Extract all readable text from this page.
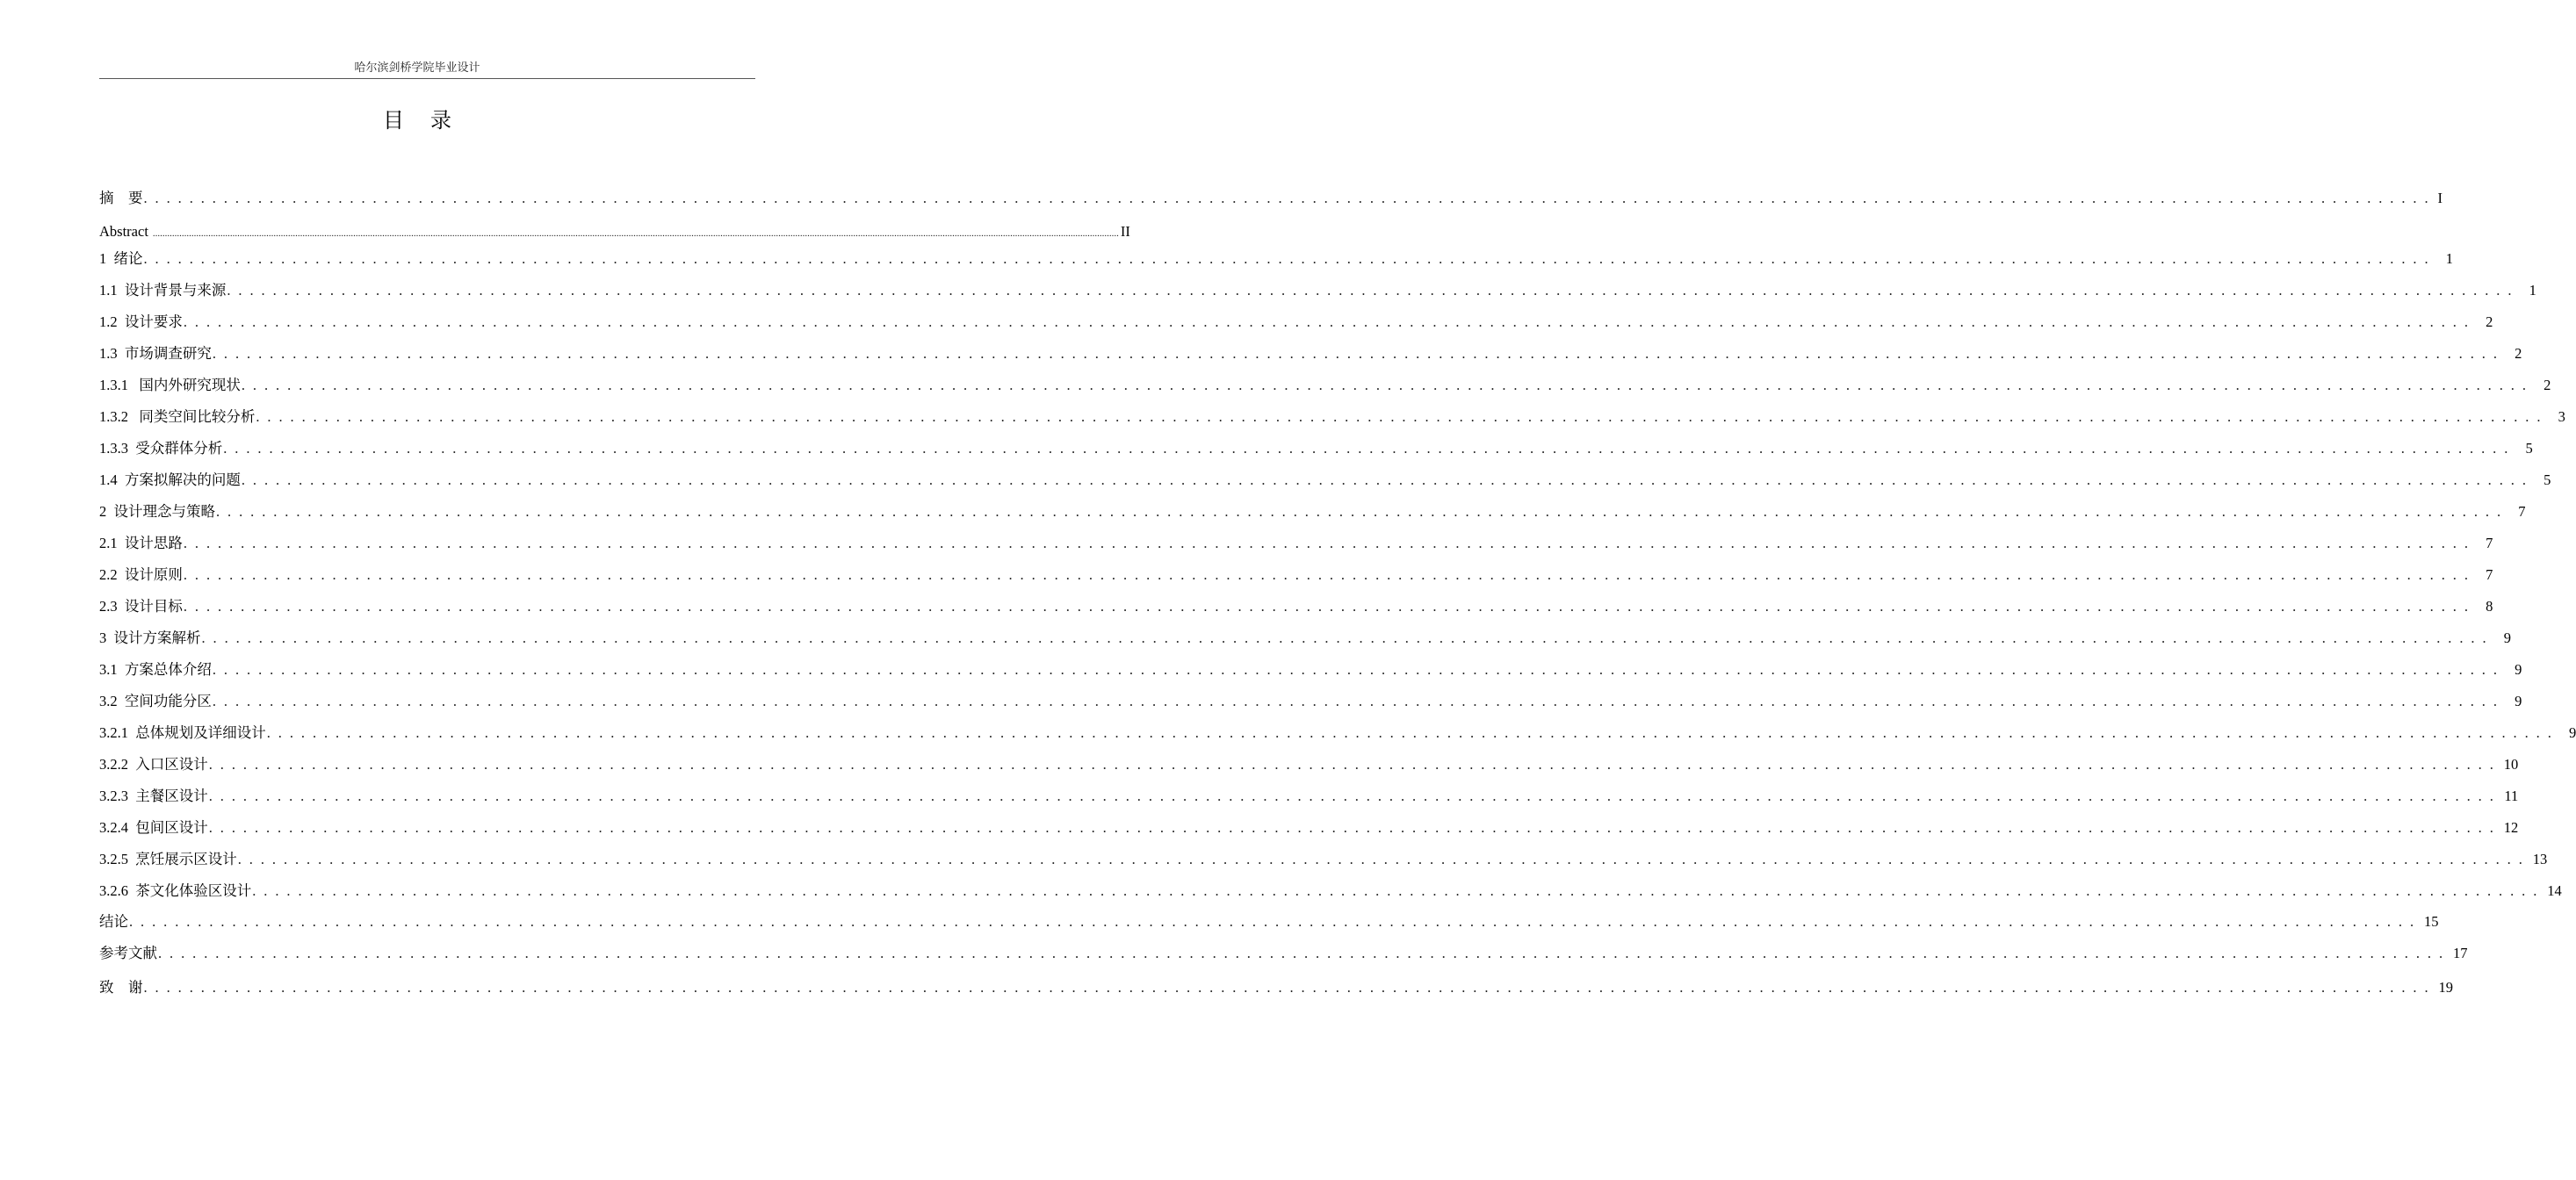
哈尔滨剑桥学院毕业设计
目录
摘    要 . . . . . . . . . . . . . . . . . . . . . . . . . . . . . . . . . . . . . . . . . . . . . . . . . . . . . . . . . . . . . . . . . . . . . . . . . . . . . . . . . . . . . . . . . . . . . . . . . . . . . . . . . . . . . . . . . . . . . . . . . . . . . . . . . . . . . . . . . . . . . . . . . . . . . . . . . . . . . . . . . . . . . . . . . . . . . . . . . . . . . . . . . . . . . . . . . . . . . . . . I
Abstract ................................................................................................................................................................................................................................................................................................................................................................................................................ II
1  绪论 . . . . . . . . . . . . . . . . . . . . . . . . . . . . . . . . . . . . . . . . . . . . . . . . . . . . . . . . . . . . . . . . . . . . . . . . . . . . . . . . . . . . . . . . . . . . . . . . . . . . . . . . . . . . . . . . . . . . . . . . . . . . . . . . . . . . . . . . . . . . . . . . . . . . . . . . . . . . . . . . . . . . . . . . . . . . . . . . . . . . . . . . . . . . . . . . . . . . . . . .	1
1.1  设计背景与来源 . . . . . . . . . . . . . . . . . . . . . . . . . . . . . . . . . . . . . . . . . . . . . . . . . . . . . . . . . . . . . . . . . . . . . . . . . . . . . . . . . . . . . . . . . . . . . . . . . . . . . . . . . . . . . . . . . . . . . . . . . . . . . . . . . . . . . . . . . . . . . . . . . . . . . . . . . . . . . . . . . . . . . . . . . . . . . . . . . . . . . . . . . . . . . . . . . . . . . . . .	1
1.2  设计要求 . . . . . . . . . . . . . . . . . . . . . . . . . . . . . . . . . . . . . . . . . . . . . . . . . . . . . . . . . . . . . . . . . . . . . . . . . . . . . . . . . . . . . . . . . . . . . . . . . . . . . . . . . . . . . . . . . . . . . . . . . . . . . . . . . . . . . . . . . . . . . . . . . . . . . . . . . . . . . . . . . . . . . . . . . . . . . . . . . . . . . . . . . . . . . . . . . . . . . . . .	2
1.3  市场调查研究 . . . . . . . . . . . . . . . . . . . . . . . . . . . . . . . . . . . . . . . . . . . . . . . . . . . . . . . . . . . . . . . . . . . . . . . . . . . . . . . . . . . . . . . . . . . . . . . . . . . . . . . . . . . . . . . . . . . . . . . . . . . . . . . . . . . . . . . . . . . . . . . . . . . . . . . . . . . . . . . . . . . . . . . . . . . . . . . . . . . . . . . . . . . . . . . . . . . . . . . .	2
1.3.1   国内外研究现状 . . . . . . . . . . . . . . . . . . . . . . . . . . . . . . . . . . . . . . . . . . . . . . . . . . . . . . . . . . . . . . . . . . . . . . . . . . . . . . . . . . . . . . . . . . . . . . . . . . . . . . . . . . . . . . . . . . . . . . . . . . . . . . . . . . . . . . . . . . . . . . . . . . . . . . . . . . . . . . . . . . . . . . . . . . . . . . . . . . . . . . . . . . . . . . . . . . . . . . . .	2
1.3.2   同类空间比较分析 . . . . . . . . . . . . . . . . . . . . . . . . . . . . . . . . . . . . . . . . . . . . . . . . . . . . . . . . . . . . . . . . . . . . . . . . . . . . . . . . . . . . . . . . . . . . . . . . . . . . . . . . . . . . . . . . . . . . . . . . . . . . . . . . . . . . . . . . . . . . . . . . . . . . . . . . . . . . . . . . . . . . . . . . . . . . . . . . . . . . . . . . . . . . . . . . . . . . . . . .	3
1.3.3  受众群体分析 . . . . . . . . . . . . . . . . . . . . . . . . . . . . . . . . . . . . . . . . . . . . . . . . . . . . . . . . . . . . . . . . . . . . . . . . . . . . . . . . . . . . . . . . . . . . . . . . . . . . . . . . . . . . . . . . . . . . . . . . . . . . . . . . . . . . . . . . . . . . . . . . . . . . . . . . . . . . . . . . . . . . . . . . . . . . . . . . . . . . . . . . . . . . . . . . . . . . . . . .	5
1.4  方案拟解决的问题 . . . . . . . . . . . . . . . . . . . . . . . . . . . . . . . . . . . . . . . . . . . . . . . . . . . . . . . . . . . . . . . . . . . . . . . . . . . . . . . . . . . . . . . . . . . . . . . . . . . . . . . . . . . . . . . . . . . . . . . . . . . . . . . . . . . . . . . . . . . . . . . . . . . . . . . . . . . . . . . . . . . . . . . . . . . . . . . . . . . . . . . . . . . . . . . . . . . . . . . .	5
2  设计理念与策略 . . . . . . . . . . . . . . . . . . . . . . . . . . . . . . . . . . . . . . . . . . . . . . . . . . . . . . . . . . . . . . . . . . . . . . . . . . . . . . . . . . . . . . . . . . . . . . . . . . . . . . . . . . . . . . . . . . . . . . . . . . . . . . . . . . . . . . . . . . . . . . . . . . . . . . . . . . . . . . . . . . . . . . . . . . . . . . . . . . . . . . . . . . . . . . . . . . . . . . . .	7
2.1  设计思路 . . . . . . . . . . . . . . . . . . . . . . . . . . . . . . . . . . . . . . . . . . . . . . . . . . . . . . . . . . . . . . . . . . . . . . . . . . . . . . . . . . . . . . . . . . . . . . . . . . . . . . . . . . . . . . . . . . . . . . . . . . . . . . . . . . . . . . . . . . . . . . . . . . . . . . . . . . . . . . . . . . . . . . . . . . . . . . . . . . . . . . . . . . . . . . . . . . . . . . . .	7
2.2  设计原则 . . . . . . . . . . . . . . . . . . . . . . . . . . . . . . . . . . . . . . . . . . . . . . . . . . . . . . . . . . . . . . . . . . . . . . . . . . . . . . . . . . . . . . . . . . . . . . . . . . . . . . . . . . . . . . . . . . . . . . . . . . . . . . . . . . . . . . . . . . . . . . . . . . . . . . . . . . . . . . . . . . . . . . . . . . . . . . . . . . . . . . . . . . . . . . . . . . . . . . . .	7
2.3  设计目标 . . . . . . . . . . . . . . . . . . . . . . . . . . . . . . . . . . . . . . . . . . . . . . . . . . . . . . . . . . . . . . . . . . . . . . . . . . . . . . . . . . . . . . . . . . . . . . . . . . . . . . . . . . . . . . . . . . . . . . . . . . . . . . . . . . . . . . . . . . . . . . . . . . . . . . . . . . . . . . . . . . . . . . . . . . . . . . . . . . . . . . . . . . . . . . . . . . . . . . . .	8
3  设计方案解析 . . . . . . . . . . . . . . . . . . . . . . . . . . . . . . . . . . . . . . . . . . . . . . . . . . . . . . . . . . . . . . . . . . . . . . . . . . . . . . . . . . . . . . . . . . . . . . . . . . . . . . . . . . . . . . . . . . . . . . . . . . . . . . . . . . . . . . . . . . . . . . . . . . . . . . . . . . . . . . . . . . . . . . . . . . . . . . . . . . . . . . . . . . . . . . . . . . . . . . . .	9
3.1  方案总体介绍 . . . . . . . . . . . . . . . . . . . . . . . . . . . . . . . . . . . . . . . . . . . . . . . . . . . . . . . . . . . . . . . . . . . . . . . . . . . . . . . . . . . . . . . . . . . . . . . . . . . . . . . . . . . . . . . . . . . . . . . . . . . . . . . . . . . . . . . . . . . . . . . . . . . . . . . . . . . . . . . . . . . . . . . . . . . . . . . . . . . . . . . . . . . . . . . . . . . . . . . .	9
3.2  空间功能分区 . . . . . . . . . . . . . . . . . . . . . . . . . . . . . . . . . . . . . . . . . . . . . . . . . . . . . . . . . . . . . . . . . . . . . . . . . . . . . . . . . . . . . . . . . . . . . . . . . . . . . . . . . . . . . . . . . . . . . . . . . . . . . . . . . . . . . . . . . . . . . . . . . . . . . . . . . . . . . . . . . . . . . . . . . . . . . . . . . . . . . . . . . . . . . . . . . . . . . . . .	9
3.2.1  总体规划及详细设计 . . . . . . . . . . . . . . . . . . . . . . . . . . . . . . . . . . . . . . . . . . . . . . . . . . . . . . . . . . . . . . . . . . . . . . . . . . . . . . . . . . . . . . . . . . . . . . . . . . . . . . . . . . . . . . . . . . . . . . . . . . . . . . . . . . . . . . . . . . . . . . . . . . . . . . . . . . . . . . . . . . . . . . . . . . . . . . . . . . . . . . . . . . . . . . . . . . . . . . . .	9
3.2.2  入口区设计 . . . . . . . . . . . . . . . . . . . . . . . . . . . . . . . . . . . . . . . . . . . . . . . . . . . . . . . . . . . . . . . . . . . . . . . . . . . . . . . . . . . . . . . . . . . . . . . . . . . . . . . . . . . . . . . . . . . . . . . . . . . . . . . . . . . . . . . . . . . . . . . . . . . . . . . . . . . . . . . . . . . . . . . . . . . . . . . . . . . . . . . . . . . . . . . . . . . . . . . . 10
3.2.3  主餐区设计 . . . . . . . . . . . . . . . . . . . . . . . . . . . . . . . . . . . . . . . . . . . . . . . . . . . . . . . . . . . . . . . . . . . . . . . . . . . . . . . . . . . . . . . . . . . . . . . . . . . . . . . . . . . . . . . . . . . . . . . . . . . . . . . . . . . . . . . . . . . . . . . . . . . . . . . . . . . . . . . . . . . . . . . . . . . . . . . . . . . . . . . . . . . . . . . . . . . . . . . . 11
3.2.4  包间区设计 . . . . . . . . . . . . . . . . . . . . . . . . . . . . . . . . . . . . . . . . . . . . . . . . . . . . . . . . . . . . . . . . . . . . . . . . . . . . . . . . . . . . . . . . . . . . . . . . . . . . . . . . . . . . . . . . . . . . . . . . . . . . . . . . . . . . . . . . . . . . . . . . . . . . . . . . . . . . . . . . . . . . . . . . . . . . . . . . . . . . . . . . . . . . . . . . . . . . . . . . 12
3.2.5  烹饪展示区设计 . . . . . . . . . . . . . . . . . . . . . . . . . . . . . . . . . . . . . . . . . . . . . . . . . . . . . . . . . . . . . . . . . . . . . . . . . . . . . . . . . . . . . . . . . . . . . . . . . . . . . . . . . . . . . . . . . . . . . . . . . . . . . . . . . . . . . . . . . . . . . . . . . . . . . . . . . . . . . . . . . . . . . . . . . . . . . . . . . . . . . . . . . . . . . . . . . . . . . . . . 13
3.2.6  茶文化体验区设计 . . . . . . . . . . . . . . . . . . . . . . . . . . . . . . . . . . . . . . . . . . . . . . . . . . . . . . . . . . . . . . . . . . . . . . . . . . . . . . . . . . . . . . . . . . . . . . . . . . . . . . . . . . . . . . . . . . . . . . . . . . . . . . . . . . . . . . . . . . . . . . . . . . . . . . . . . . . . . . . . . . . . . . . . . . . . . . . . . . . . . . . . . . . . . . . . . . . . . . . . 14
结论 . . . . . . . . . . . . . . . . . . . . . . . . . . . . . . . . . . . . . . . . . . . . . . . . . . . . . . . . . . . . . . . . . . . . . . . . . . . . . . . . . . . . . . . . . . . . . . . . . . . . . . . . . . . . . . . . . . . . . . . . . . . . . . . . . . . . . . . . . . . . . . . . . . . . . . . . . . . . . . . . . . . . . . . . . . . . . . . . . . . . . . . . . . . . . . . . . . . . . . . . 15
参考文献 . . . . . . . . . . . . . . . . . . . . . . . . . . . . . . . . . . . . . . . . . . . . . . . . . . . . . . . . . . . . . . . . . . . . . . . . . . . . . . . . . . . . . . . . . . . . . . . . . . . . . . . . . . . . . . . . . . . . . . . . . . . . . . . . . . . . . . . . . . . . . . . . . . . . . . . . . . . . . . . . . . . . . . . . . . . . . . . . . . . . . . . . . . . . . . . . . . . . . . . . 17
致    谢 . . . . . . . . . . . . . . . . . . . . . . . . . . . . . . . . . . . . . . . . . . . . . . . . . . . . . . . . . . . . . . . . . . . . . . . . . . . . . . . . . . . . . . . . . . . . . . . . . . . . . . . . . . . . . . . . . . . . . . . . . . . . . . . . . . . . . . . . . . . . . . . . . . . . . . . . . . . . . . . . . . . . . . . . . . . . . . . . . . . . . . . . . . . . . . . . . . . . . . . . 19
